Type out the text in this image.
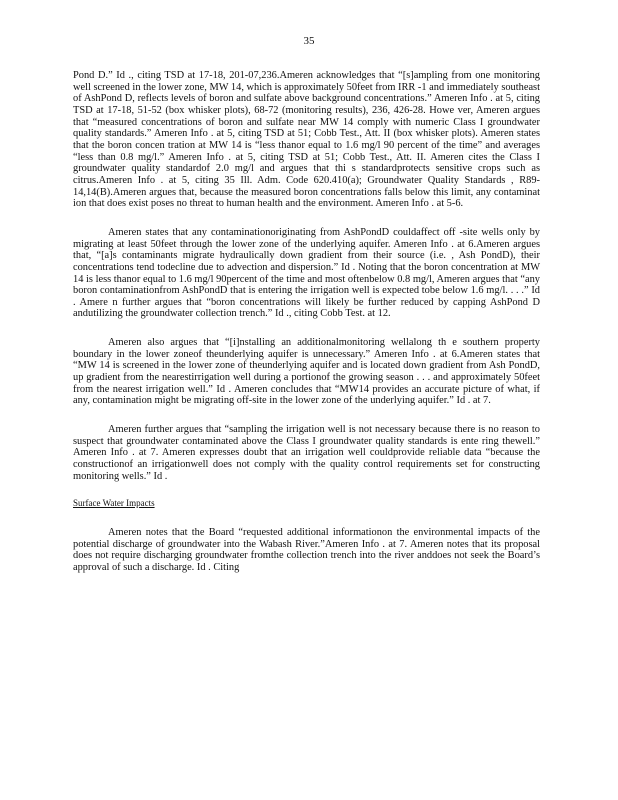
35

Pond D.” Id ., citing TSD at 17-18, 201-07,236.Ameren acknowledges that “[s]ampling from one monitoring well screened in the lower zone, MW 14, which is approximately 50feet from IRR -1 and immediately southeast of AshPond D, reflects levels of boron and sulfate above background concentrations.” Ameren Info . at 5, citing TSD at 17-18, 51-52 (box whisker plots), 68-72 (monitoring results), 236, 426-28. Howe ver, Ameren argues that “measured concentrations of boron and sulfate near MW 14 comply with numeric Class I groundwater quality standards.” Ameren Info . at 5, citing TSD at 51; Cobb Test., Att. II (box whisker plots). Ameren states that the boron concen tration at MW 14 is “less thanor equal to 1.6 mg/l 90 percent of the time” and averages “less than 0.8 mg/l.” Ameren Info . at 5, citing TSD at 51; Cobb Test., Att. II. Ameren cites the Class I groundwater quality standardof 2.0 mg/l and argues that thi s standardprotects sensitive crops such as citrus.Ameren Info . at 5, citing 35 Ill. Adm. Code 620.410(a); Groundwater Quality Standards , R89-14,14(B).Ameren argues that, because the measured boron concentrations falls below this limit, any contaminat ion that does exist poses no threat to human health and the environment. Ameren Info . at 5-6.

Ameren states that any contaminationoriginating from AshPondD couldaffect off -site wells only by migrating at least 50feet through the lower zone of the underlying aquifer. Ameren Info . at 6.Ameren argues that, “[a]s contaminants migrate hydraulically down gradient from their source (i.e. , Ash PondD), their concentrations tend todecline due to advection and dispersion.” Id . Noting that the boron concentration at MW 14 is less thanor equal to 1.6 mg/l 90percent of the time and most oftenbelow 0.8 mg/l, Ameren argues that “any boron contaminationfrom AshPondD that is entering the irrigation well is expected tobe below 1.6 mg/l. . . .” Id . Amere n further argues that “boron concentrations will likely be further reduced by capping AshPond D andutilizing the groundwater collection trench.” Id ., citing Cobb Test. at 12.

Ameren also argues that “[i]nstalling an additionalmonitoring wellalong th e southern property boundary in the lower zoneof theunderlying aquifer is unnecessary.” Ameren Info . at 6.Ameren states that “MW 14 is screened in the lower zone of theunderlying aquifer and is located down gradient from Ash PondD, up gradient from the nearestirrigation well during a portionof the growing season . . . and approximately 50feet from the nearest irrigation well.” Id . Ameren concludes that “MW14 provides an accurate picture of what, if any, contamination might be migrating off-site in the lower zone of the underlying aquifer.” Id . at 7.

Ameren further argues that “sampling the irrigation well is not necessary because there is no reason to suspect that groundwater contaminated above the Class I groundwater quality standards is ente ring thewell.” Ameren Info . at 7. Ameren expresses doubt that an irrigation well couldprovide reliable data “because the constructionof an irrigationwell does not comply with the quality control requirements set for constructing monitoring wells.” Id .

Surface Water Impacts

Ameren notes that the Board “requested additional informationon the environmental impacts of the potential discharge of groundwater into the Wabash River.”Ameren Info . at 7. Ameren notes that its proposal does not require discharging groundwater fromthe collection trench into the river anddoes not seek the Board’s approval of such a discharge. Id . Citing
